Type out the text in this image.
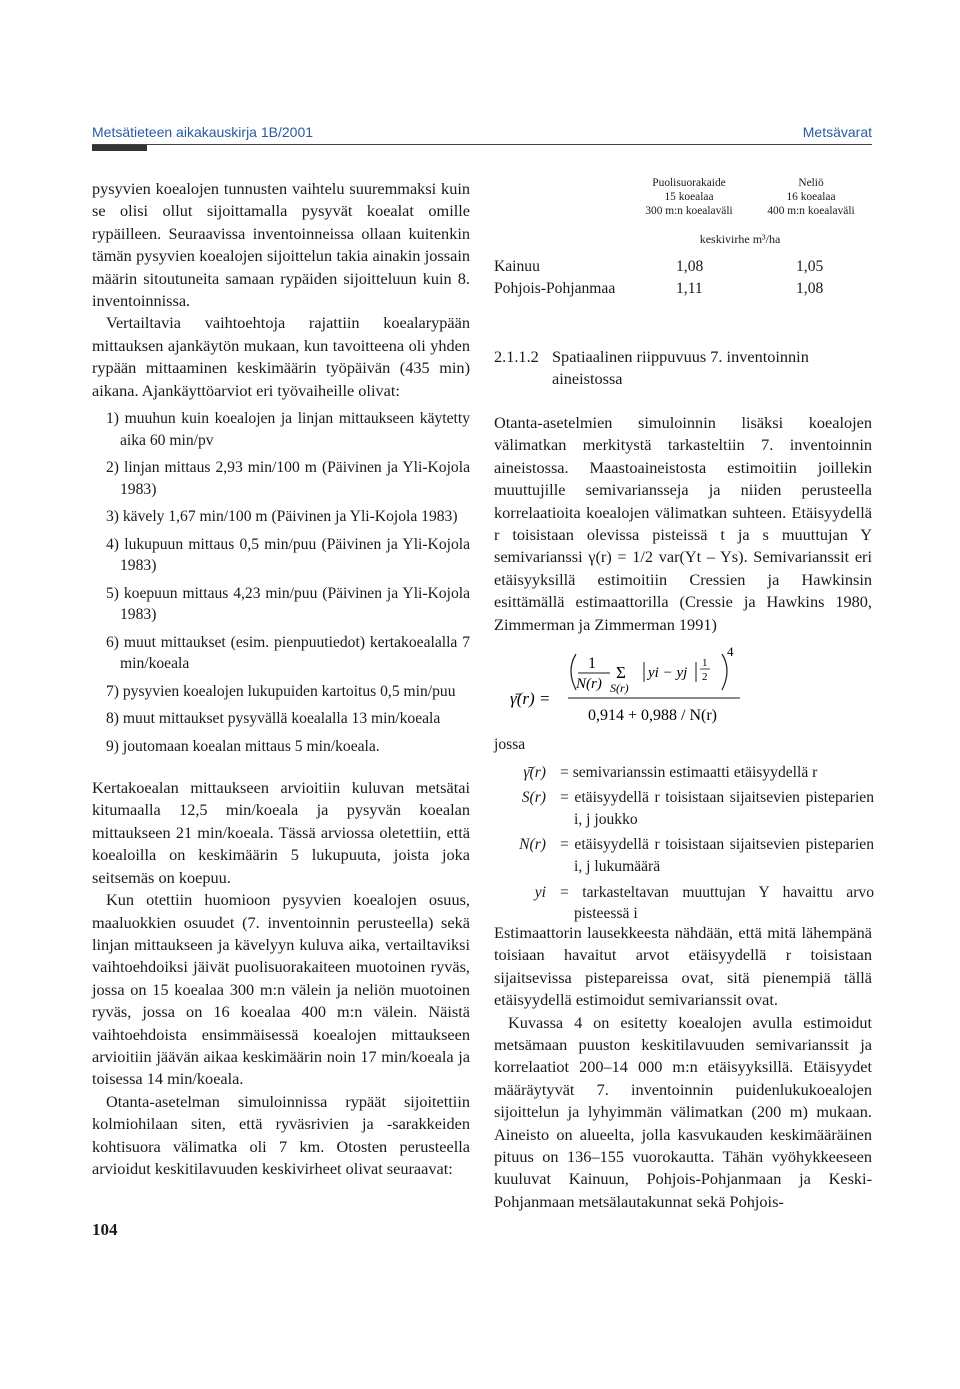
Metsätieteen aikakauskirja 1B/2001	Metsävarat

pysyvien koealojen tunnusten vaihtelu suuremmaksi kuin se olisi ollut sijoittamalla pysyvät koealat omille rypäilleen. Seuraavissa inventoinneissa ollaan kuitenkin tämän pysyvien koealojen sijoittelun takia ainakin jossain määrin sitoutuneita samaan rypäiden sijoitteluun kuin 8. inventoinnissa.

Vertailtavia vaihtoehtoja rajattiin koealarypään mittauksen ajankäytön mukaan, kun tavoitteena oli yhden rypään mittaaminen keskimäärin työpäivän (435 min) aikana. Ajankäyttöarviot eri työvaiheille olivat:

1) muuhun kuin koealojen ja linjan mittaukseen käytetty aika 60 min/pv
2) linjan mittaus 2,93 min/100 m (Päivinen ja Yli-Kojola 1983)
3) kävely 1,67 min/100 m (Päivinen ja Yli-Kojola 1983)
4) lukupuun mittaus 0,5 min/puu (Päivinen ja Yli-Kojola 1983)
5) koepuun mittaus 4,23 min/puu (Päivinen ja Yli-Kojola 1983)
6) muut mittaukset (esim. pienpuutiedot) kertakoealalla 7 min/koeala
7) pysyvien koealojen lukupuiden kartoitus 0,5 min/puu
8) muut mittaukset pysyvällä koealalla 13 min/koeala
9) joutomaan koealan mittaus 5 min/koeala.

Kertakoealan mittaukseen arvioitiin kuluvan metsätai kitumaalla 12,5 min/koeala ja pysyvän koealan mittaukseen 21 min/koeala. Tässä arviossa oletettiin, että koealoilla on keskimäärin 5 lukupuuta, joista joka seitsemäs on koepuu.

Kun otettiin huomioon pysyvien koealojen osuus, maaluokkien osuudet (7. inventoinnin perusteella) sekä linjan mittaukseen ja kävelyyn kuluva aika, vertailtaviksi vaihtoehdoiksi jäivät puolisuorakaiteen muotoinen ryväs, jossa on 15 koealaa 300 m:n välein ja neliön muotoinen ryväs, jossa on 16 koealaa 400 m:n välein. Näistä vaihtoehdoista ensimmäisessä koealojen mittaukseen arvioitiin jäävän aikaa keskimäärin noin 17 min/koeala ja toisessa 14 min/koeala.

Otanta-asetelman simuloinnissa rypäät sijoitettiin kolmiohilaan siten, että ryväsrivien ja -sarakkeiden kohtisuora välimatka oli 7 km. Otosten perusteella arvioidut keskitilavuuden keskivirheet olivat seuraavat:

104
Puolisuorakaide
15 koealaa
300 m:n koealaväli
Neliö
16 koealaa
400 m:n koealaväli
keskivirhe m³/ha
Kainuu	1,08	1,05
Pohjois-Pohjanmaa	1,11	1,08
2.1.1.2 Spatiaalinen riippuvuus 7. inventoinnin aineistossa

Otanta-asetelmien simuloinnin lisäksi koealojen välimatkan merkitystä tarkasteltiin 7. inventoinnin aineistossa. Maastoaineistosta estimoitiin joillekin muuttujille semivariansseja ja niiden perusteella korrelaatioita koealojen välimatkan suhteen. Etäisyydellä r toisistaan olevissa pisteissä t ja s muuttujan Y semivarianssi γ(r) = 1/2 var(Yt – Ys). Semivarianssit eri etäisyyksillä estimoitiin Cressien ja Hawkinsin esittämällä estimaattorilla (Cressie ja Hawkins 1980, Zimmerman ja Zimmerman 1991)

γ̄(r) =
4
1
N(r)
Σ
S(r)
yi − yj
1
2
0,914 + 0,988 / N(r)
jossa
γ̄(r) = semivarianssin estimaatti etäisyydellä r
S(r) = etäisyydellä r toisistaan sijaitsevien pisteparien i, j joukko
N(r) = etäisyydellä r toisistaan sijaitsevien pisteparien i, j lukumäärä
yi = tarkasteltavan muuttujan Y havaittu arvo pisteessä i

Estimaattorin lausekkeesta nähdään, että mitä lähempänä toisiaan havaitut arvot etäisyydellä r toisistaan sijaitsevissa pistepareissa ovat, sitä pienempiä tällä etäisyydellä estimoidut semivarianssit ovat.

Kuvassa 4 on esitetty koealojen avulla estimoidut metsämaan puuston keskitilavuuden semivarianssit ja korrelaatiot 200–14 000 m:n etäisyyksillä. Etäisyydet määräytyvät 7. inventoinnin puidenlukukoealojen sijoittelun ja lyhyimmän välimatkan (200 m) mukaan. Aineisto on alueelta, jolla kasvukauden keskimääräinen pituus on 136–155 vuorokautta. Tähän vyöhykkeeseen kuuluvat Kainuun, Pohjois-Pohjanmaan ja Keski-Pohjanmaan metsälautakunnat sekä Pohjois-
